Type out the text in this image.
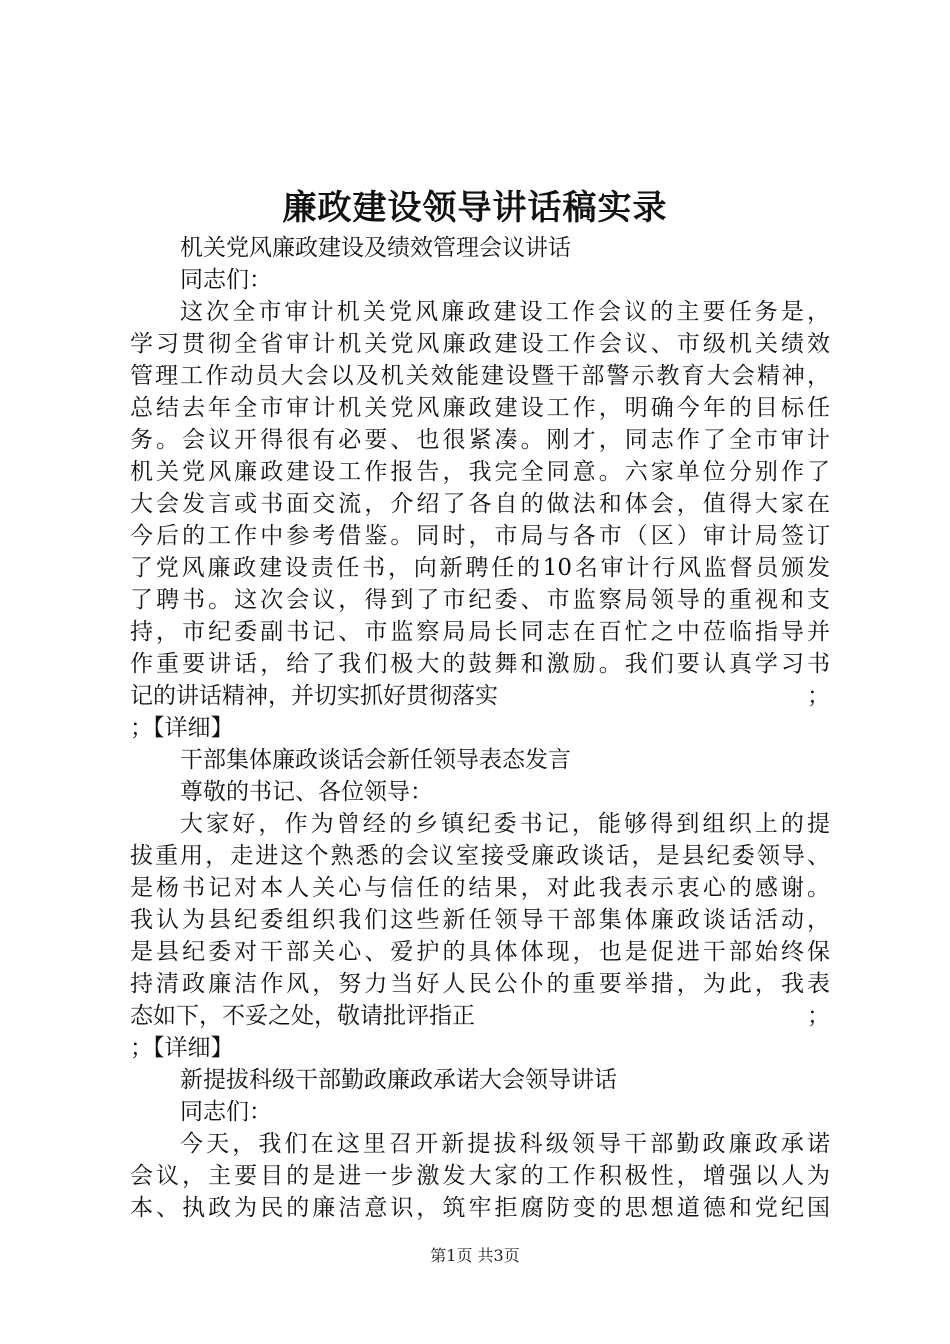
廉政建设领导讲话稿实录
机关党风廉政建设及绩效管理会议讲话
同志们：
这次全市审计机关党风廉政建设工作会议的主要任务是，
学习贯彻全省审计机关党风廉政建设工作会议、市级机关绩效
管理工作动员大会以及机关效能建设暨干部警示教育大会精神，
总结去年全市审计机关党风廉政建设工作，明确今年的目标任
务。会议开得很有必要、也很紧凑。刚才，同志作了全市审计
机关党风廉政建设工作报告，我完全同意。六家单位分别作了
大会发言或书面交流，介绍了各自的做法和体会，值得大家在
今后的工作中参考借鉴。同时，市局与各市（区）审计局签订
了党风廉政建设责任书，向新聘任的10名审计行风监督员颁发
了聘书。这次会议，得到了市纪委、市监察局领导的重视和支
持，市纪委副书记、市监察局局长同志在百忙之中莅临指导并
作重要讲话，给了我们极大的鼓舞和激励。我们要认真学习书
记的讲话精神，并切实抓好贯彻落实	；
；【详细】
干部集体廉政谈话会新任领导表态发言
尊敬的书记、各位领导：
大家好，作为曾经的乡镇纪委书记，能够得到组织上的提
拔重用，走进这个熟悉的会议室接受廉政谈话，是县纪委领导、
是杨书记对本人关心与信任的结果，对此我表示衷心的感谢。
我认为县纪委组织我们这些新任领导干部集体廉政谈话活动，
是县纪委对干部关心、爱护的具体体现，也是促进干部始终保
持清政廉洁作风，努力当好人民公仆的重要举措，为此，我表
态如下，不妥之处，敬请批评指正	；
；【详细】
新提拔科级干部勤政廉政承诺大会领导讲话
同志们：
今天，我们在这里召开新提拔科级领导干部勤政廉政承诺
会议，主要目的是进一步激发大家的工作积极性，增强以人为
本、执政为民的廉洁意识，筑牢拒腐防变的思想道德和党纪国
第1页 共3页
